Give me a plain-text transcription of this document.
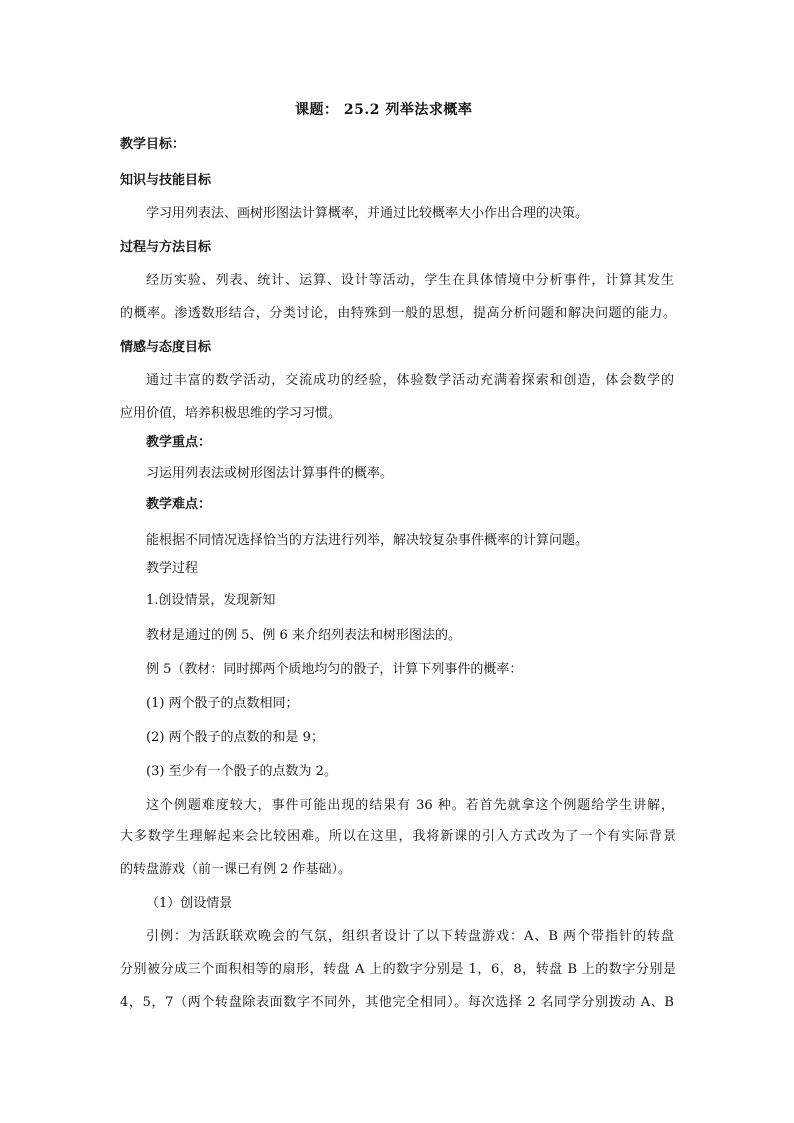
课题： 25.2 列举法求概率
教学目标：
知识与技能目标
学习用列表法、画树形图法计算概率，并通过比较概率大小作出合理的决策。
过程与方法目标
经历实验、列表、统计、运算、设计等活动，学生在具体情境中分析事件，计算其发生
的概率。渗透数形结合，分类讨论，由特殊到一般的思想，提高分析问题和解决问题的能力。
情感与态度目标
通过丰富的数学活动，交流成功的经验，体验数学活动充满着探索和创造，体会数学的
应用价值，培养积极思维的学习习惯。
教学重点：
习运用列表法或树形图法计算事件的概率。
教学难点：
能根据不同情况选择恰当的方法进行列举，解决较复杂事件概率的计算问题。
教学过程
1.创设情景，发现新知
教材是通过的例 5、例 6 来介绍列表法和树形图法的。
例 5（教材：同时掷两个质地均匀的骰子，计算下列事件的概率：
(1) 两个骰子的点数相同；
(2) 两个骰子的点数的和是 9；
(3) 至少有一个骰子的点数为 2。
这个例题难度较大，事件可能出现的结果有 36 种。若首先就拿这个例题给学生讲解，
大多数学生理解起来会比较困难。所以在这里，我将新课的引入方式改为了一个有实际背景
的转盘游戏（前一课已有例 2 作基础）。
（1）创设情景
引例：为活跃联欢晚会的气氛，组织者设计了以下转盘游戏：A、B 两个带指针的转盘
分别被分成三个面积相等的扇形，转盘 A 上的数字分别是 1，6，8，转盘 B 上的数字分别是
4，5，7（两个转盘除表面数字不同外，其他完全相同）。每次选择 2 名同学分别拨动 A、B
